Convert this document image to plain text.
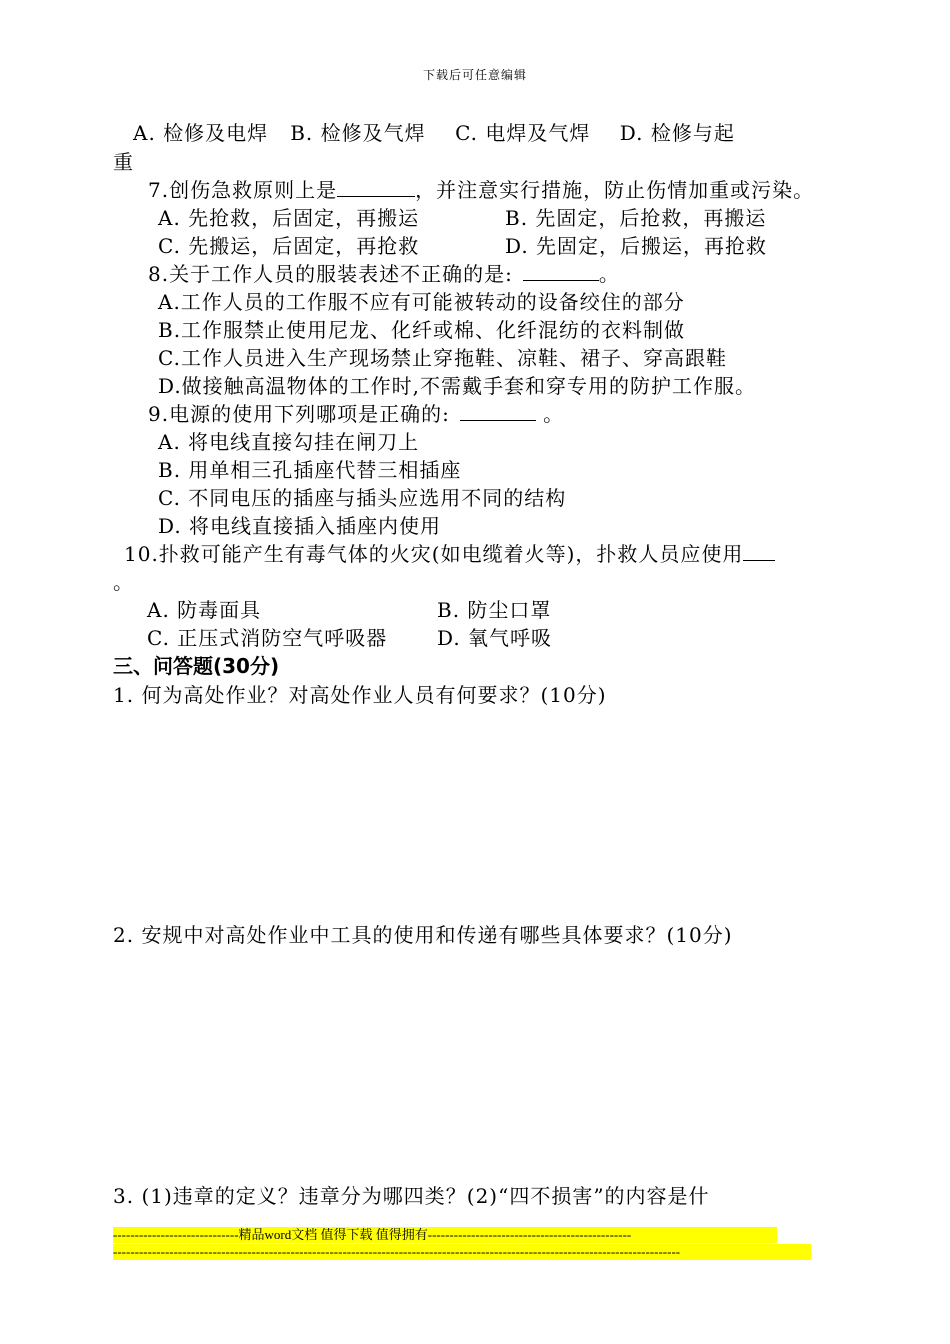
下载后可任意编辑
A. 检修及电焊   B. 检修及气焊    C. 电焊及气焊    D. 检修与起
重
7.创伤急救原则上是	，并注意实行措施，防止伤情加重或污染。
A. 先抢救，后固定，再搬运	B. 先固定，后抢救，再搬运
C. 先搬运，后固定，再抢救	D. 先固定，后搬运，再抢救
8.关于工作人员的服装表述不正确的是:	。
A.工作人员的工作服不应有可能被转动的设备绞住的部分
B.工作服禁止使用尼龙、化纤或棉、化纤混纺的衣料制做
C.工作人员进入生产现场禁止穿拖鞋、凉鞋、裙子、穿高跟鞋
D.做接触高温物体的工作时,不需戴手套和穿专用的防护工作服。
9.电源的使用下列哪项是正确的:	。
A. 将电线直接勾挂在闸刀上
B. 用单相三孔插座代替三相插座
C. 不同电压的插座与插头应选用不同的结构
D. 将电线直接插入插座内使用
10.扑救可能产生有毒气体的火灾(如电缆着火等)，扑救人员应使用
。
A. 防毒面具	B. 防尘口罩
C. 正压式消防空气呼吸器 D. 氧气呼吸
三、问答题(30分)
1. 何为高处作业？对高处作业人员有何要求？(10分)
2. 安规中对高处作业中工具的使用和传递有哪些具体要求？(10分)
3. (1)违章的定义？违章分为哪四类？(2)“四不损害”的内容是什
-----------------------------精品word文档 值得下载 值得拥有-----------------------------------------------
-----------------------------------------------------------------------------------------------------------------------------------
